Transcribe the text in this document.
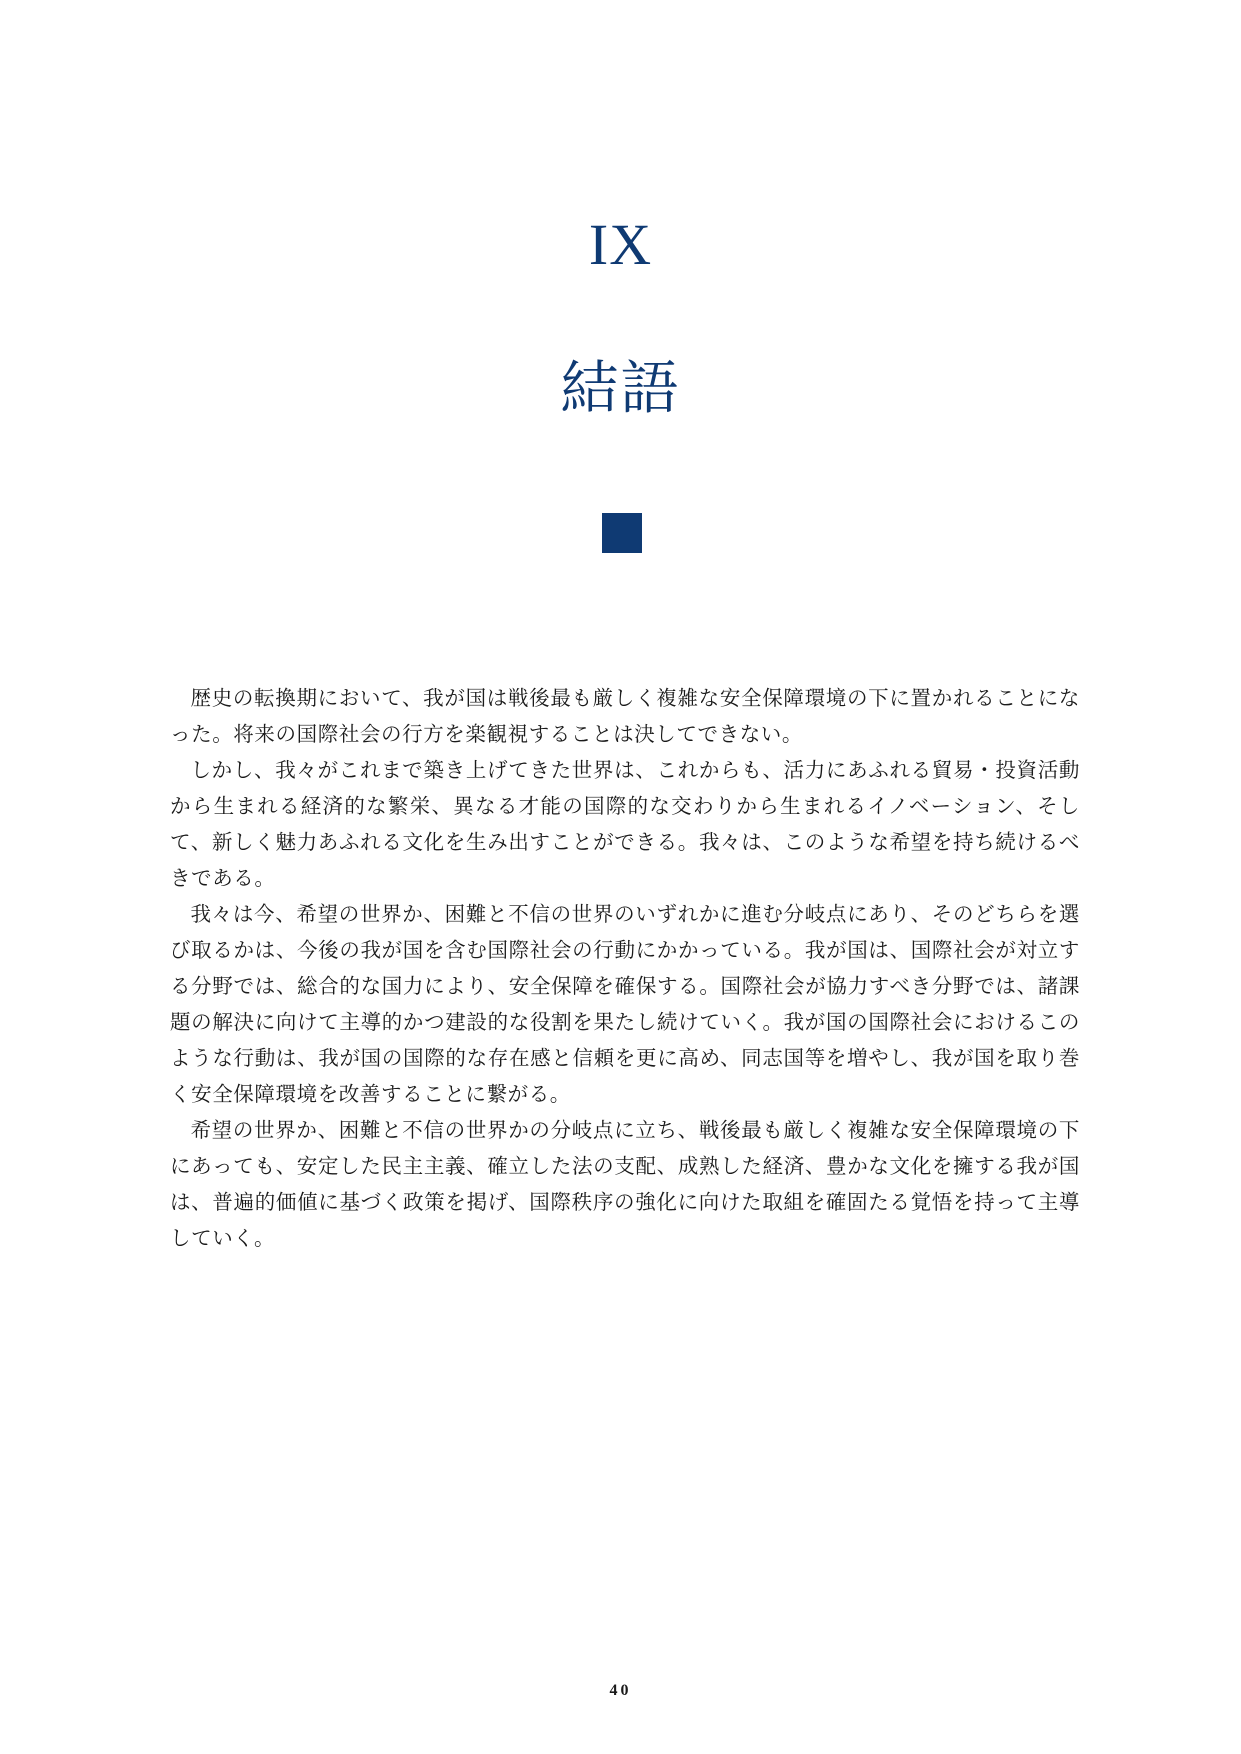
IX
結語

歴史の転換期において、我が国は戦後最も厳しく複雑な安全保障環境の下に置かれることになった。将来の国際社会の行方を楽観視することは決してできない。

しかし、我々がこれまで築き上げてきた世界は、これからも、活力にあふれる貿易・投資活動から生まれる経済的な繁栄、異なる才能の国際的な交わりから生まれるイノベーション、そして、新しく魅力あふれる文化を生み出すことができる。我々は、このような希望を持ち続けるべきである。

我々は今、希望の世界か、困難と不信の世界のいずれかに進む分岐点にあり、そのどちらを選び取るかは、今後の我が国を含む国際社会の行動にかかっている。我が国は、国際社会が対立する分野では、総合的な国力により、安全保障を確保する。国際社会が協力すべき分野では、諸課題の解決に向けて主導的かつ建設的な役割を果たし続けていく。我が国の国際社会におけるこのような行動は、我が国の国際的な存在感と信頼を更に高め、同志国等を増やし、我が国を取り巻く安全保障環境を改善することに繋がる。

希望の世界か、困難と不信の世界かの分岐点に立ち、戦後最も厳しく複雑な安全保障環境の下にあっても、安定した民主主義、確立した法の支配、成熟した経済、豊かな文化を擁する我が国は、普遍的価値に基づく政策を掲げ、国際秩序の強化に向けた取組を確固たる覚悟を持って主導していく。

40
